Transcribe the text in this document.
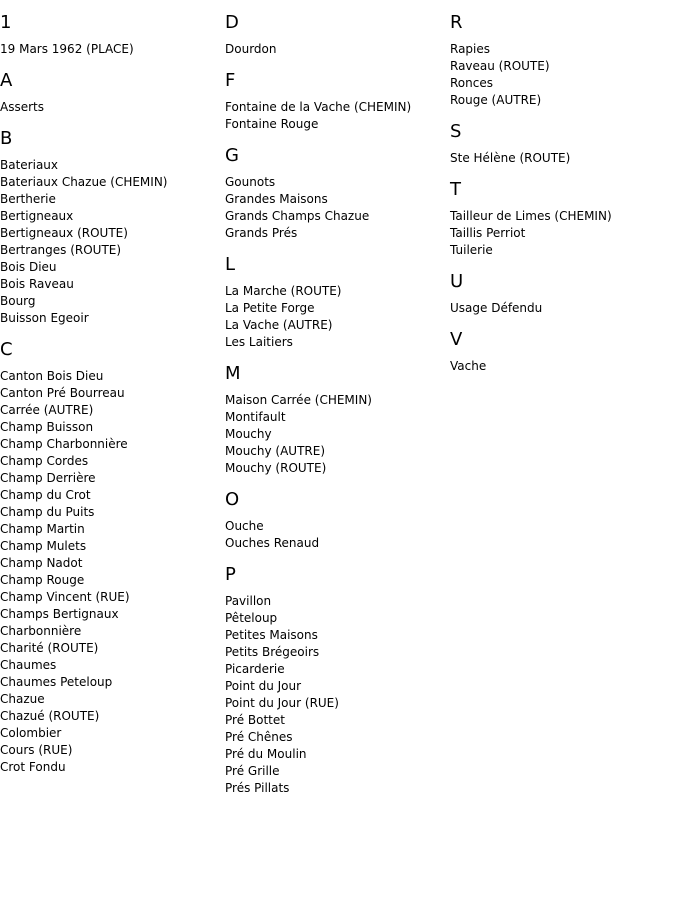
1
19 Mars 1962 (PLACE)
A
Asserts
B
Bateriaux
Bateriaux Chazue (CHEMIN)
Bertherie
Bertigneaux
Bertigneaux (ROUTE)
Bertranges (ROUTE)
Bois Dieu
Bois Raveau
Bourg
Buisson Egeoir
C
Canton Bois Dieu
Canton Pré Bourreau
Carrée (AUTRE)
Champ Buisson
Champ Charbonnière
Champ Cordes
Champ Derrière
Champ du Crot
Champ du Puits
Champ Martin
Champ Mulets
Champ Nadot
Champ Rouge
Champ Vincent (RUE)
Champs Bertignaux
Charbonnière
Charité (ROUTE)
Chaumes
Chaumes Peteloup
Chazue
Chazué (ROUTE)
Colombier
Cours (RUE)
Crot Fondu
D
Dourdon
F
Fontaine de la Vache (CHEMIN)
Fontaine Rouge
G
Gounots
Grandes Maisons
Grands Champs Chazue
Grands Prés
L
La Marche (ROUTE)
La Petite Forge
La Vache (AUTRE)
Les Laitiers
M
Maison Carrée (CHEMIN)
Montifault
Mouchy
Mouchy (AUTRE)
Mouchy (ROUTE)
O
Ouche
Ouches Renaud
P
Pavillon
Pêteloup
Petites Maisons
Petits Brégeoirs
Picarderie
Point du Jour
Point du Jour (RUE)
Pré Bottet
Pré Chênes
Pré du Moulin
Pré Grille
Prés Pillats
R
Rapies
Raveau (ROUTE)
Ronces
Rouge (AUTRE)
S
Ste Hélène (ROUTE)
T
Tailleur de Limes (CHEMIN)
Taillis Perriot
Tuilerie
U
Usage Défendu
V
Vache
